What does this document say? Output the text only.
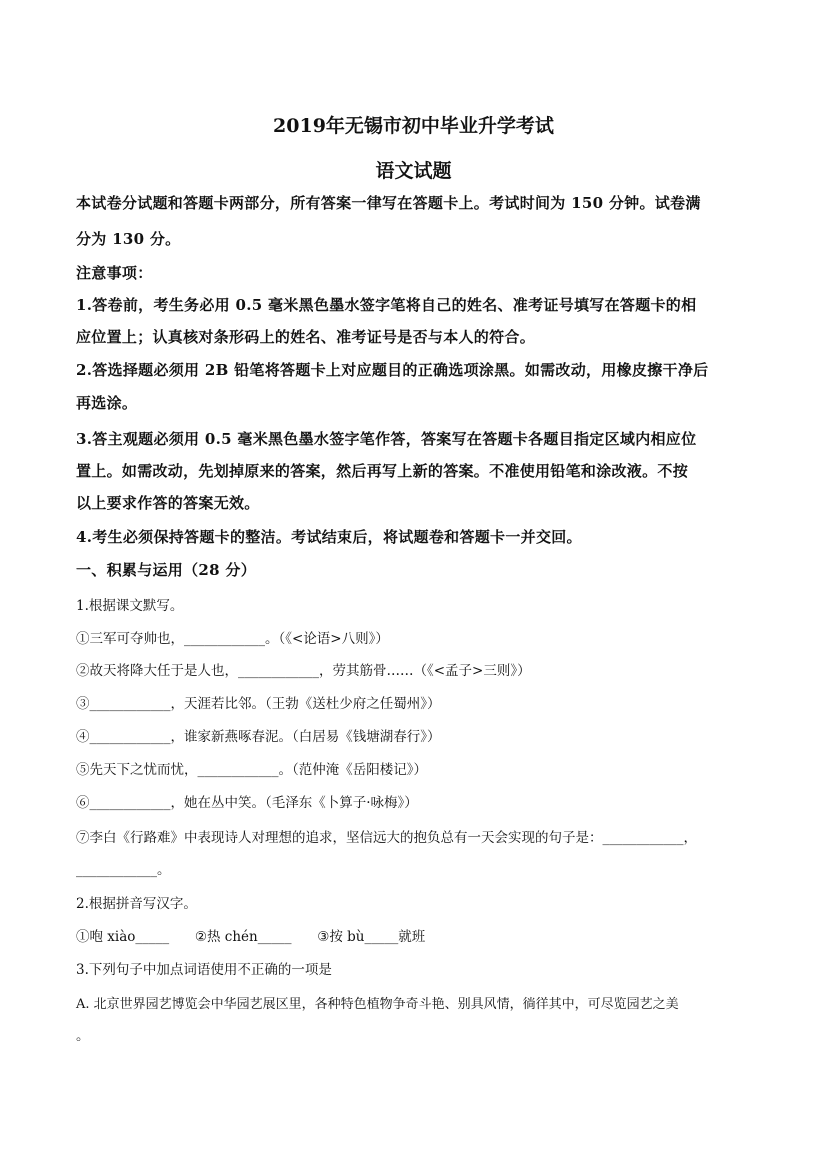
2019年无锡市初中毕业升学考试
语文试题
本试卷分试题和答题卡两部分，所有答案一律写在答题卡上。考试时间为 150 分钟。试卷满
分为 130 分。
注意事项：
1.答卷前，考生务必用 0.5 毫米黑色墨水签字笔将自己的姓名、准考证号填写在答题卡的相
应位置上；认真核对条形码上的姓名、准考证号是否与本人的符合。
2.答选择题必须用 2B 铅笔将答题卡上对应题目的正确选项涂黑。如需改动，用橡皮擦干净后
再选涂。
3.答主观题必须用 0.5 毫米黑色墨水签字笔作答，答案写在答题卡各题目指定区域内相应位
置上。如需改动，先划掉原来的答案，然后再写上新的答案。不准使用铅笔和涂改液。不按
以上要求作答的答案无效。
4.考生必须保持答题卡的整洁。考试结束后，将试题卷和答题卡一并交回。
一、积累与运用（28 分）
1.根据课文默写。
①三军可夺帅也，____________。（《<论语>八则》）
②故天将降大任于是人也，____________，劳其筋骨……（《<孟子>三则》）
③____________，天涯若比邻。（王勃《送杜少府之任蜀州》）
④____________，谁家新燕啄春泥。（白居易《钱塘湖春行》）
⑤先天下之忧而忧，____________。（范仲淹《岳阳楼记》）
⑥____________，她在丛中笑。（毛泽东《卜算子·咏梅》）
⑦李白《行路难》中表现诗人对理想的追求，坚信远大的抱负总有一天会实现的句子是：____________，
____________。
2.根据拼音写汉字。
①咆 xiào_____      ②热 chén_____      ③按 bù_____就班
3.下列句子中加点词语使用不正确的一项是
A. 北京世界园艺博览会中华园艺展区里，各种特色植物争奇斗艳、别具风情，徜徉其中，可尽览园艺之美
。
